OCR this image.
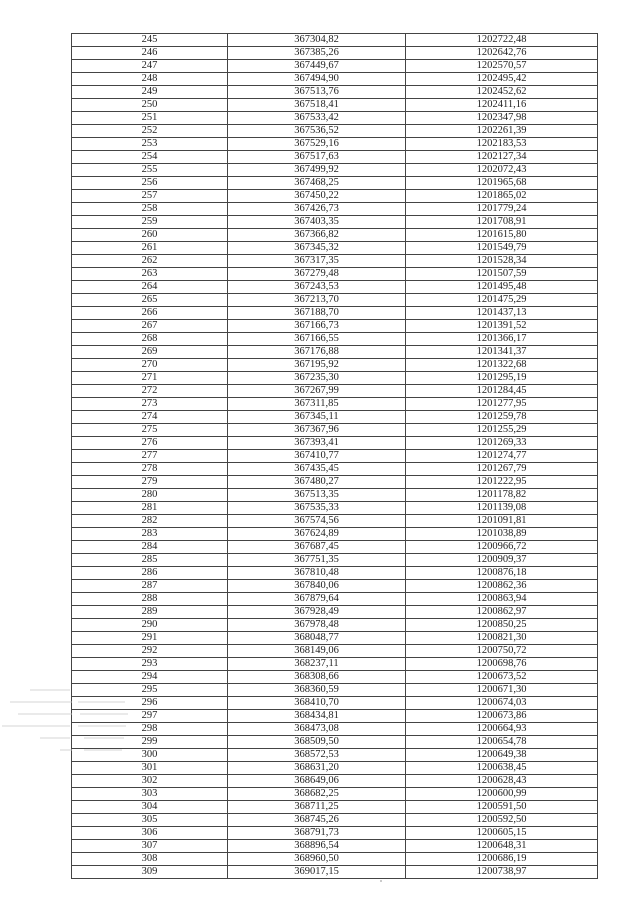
245	367304,82	1202722,48
246	367385,26	1202642,76
247	367449,67	1202570,57
248	367494,90	1202495,42
249	367513,76	1202452,62
250	367518,41	1202411,16
251	367533,42	1202347,98
252	367536,52	1202261,39
253	367529,16	1202183,53
254	367517,63	1202127,34
255	367499,92	1202072,43
256	367468,25	1201965,68
257	367450,22	1201865,02
258	367426,73	1201779,24
259	367403,35	1201708,91
260	367366,82	1201615,80
261	367345,32	1201549,79
262	367317,35	1201528,34
263	367279,48	1201507,59
264	367243,53	1201495,48
265	367213,70	1201475,29
266	367188,70	1201437,13
267	367166,73	1201391,52
268	367166,55	1201366,17
269	367176,88	1201341,37
270	367195,92	1201322,68
271	367235,30	1201295,19
272	367267,99	1201284,45
273	367311,85	1201277,95
274	367345,11	1201259,78
275	367367,96	1201255,29
276	367393,41	1201269,33
277	367410,77	1201274,77
278	367435,45	1201267,79
279	367480,27	1201222,95
280	367513,35	1201178,82
281	367535,33	1201139,08
282	367574,56	1201091,81
283	367624,89	1201038,89
284	367687,45	1200966,72
285	367751,35	1200909,37
286	367810,48	1200876,18
287	367840,06	1200862,36
288	367879,64	1200863,94
289	367928,49	1200862,97
290	367978,48	1200850,25
291	368048,77	1200821,30
292	368149,06	1200750,72
293	368237,11	1200698,76
294	368308,66	1200673,52
295	368360,59	1200671,30
296	368410,70	1200674,03
297	368434,81	1200673,86
298	368473,08	1200664,93
299	368509,50	1200654,78
300	368572,53	1200649,38
301	368631,20	1200638,45
302	368649,06	1200628,43
303	368682,25	1200600,99
304	368711,25	1200591,50
305	368745,26	1200592,50
306	368791,73	1200605,15
307	368896,54	1200648,31
308	368960,50	1200686,19
309	369017,15	1200738,97
